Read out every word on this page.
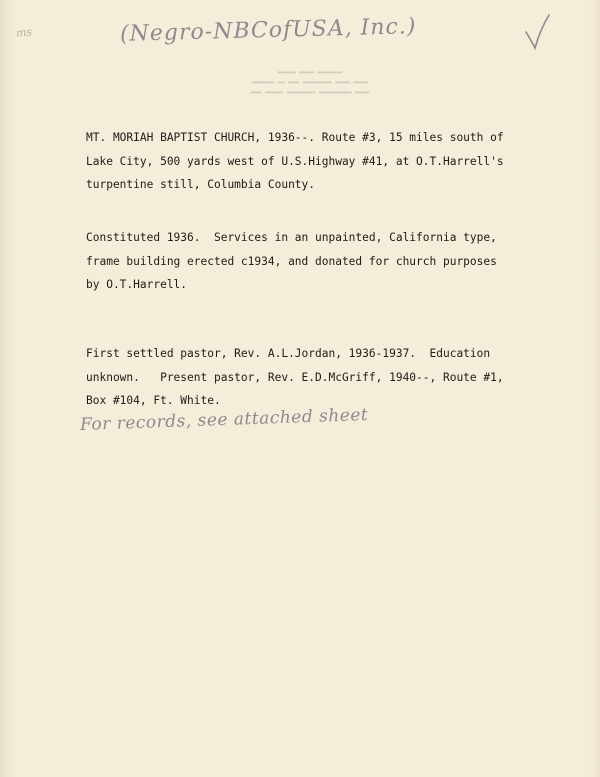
ms	(Negro-NBCofUSA, Inc.)
▬▬▬▬▬ ▬▬▬▬ ▬▬▬▬▬▬▬
▬▬▬▬▬▬ ▬▬ ▬▬▬ ▬▬▬▬▬▬▬▬ ▬▬▬▬ ▬▬▬▬
▬▬▬ ▬▬▬▬▬ ▬▬▬▬▬▬▬▬ ▬▬▬▬▬▬▬▬▬ ▬▬▬▬
MT. MORIAH BAPTIST CHURCH, 1936--. Route #3, 15 miles south of
Lake City, 500 yards west of U.S.Highway #41, at O.T.Harrell's
turpentine still, Columbia County.
Constituted 1936.  Services in an unpainted, California type,
frame building erected c1934, and donated for church purposes
by O.T.Harrell.
First settled pastor, Rev. A.L.Jordan, 1936-1937.  Education
unknown.   Present pastor, Rev. E.D.McGriff, 1940--, Route #1,
Box #104, Ft. White.
For records, see attached sheet
